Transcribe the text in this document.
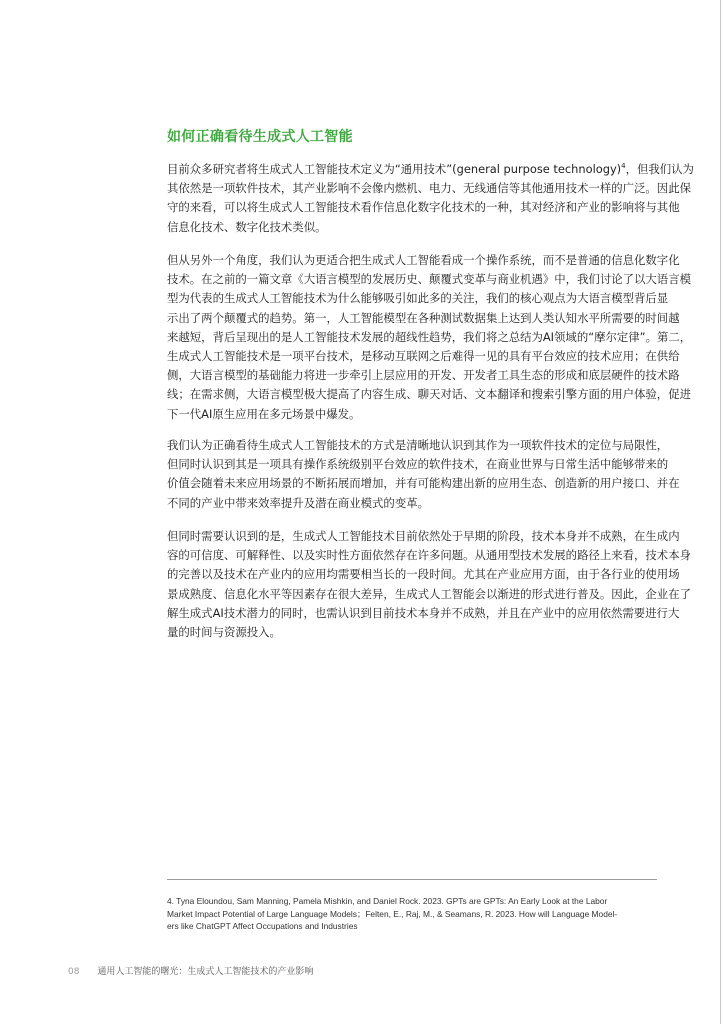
如何正确看待生成式人工智能

目前众多研究者将生成式人工智能技术定义为“通用技术”(general purpose technology)$^4$，但我们认为
其依然是一项软件技术，其产业影响不会像内燃机、电力、无线通信等其他通用技术一样的广泛。因此保
守的来看，可以将生成式人工智能技术看作信息化数字化技术的一种，其对经济和产业的影响将与其他
信息化技术、数字化技术类似。

但从另外一个角度，我们认为更适合把生成式人工智能看成一个操作系统，而不是普通的信息化数字化
技术。在之前的一篇文章《大语言模型的发展历史、颠覆式变革与商业机遇》中，我们讨论了以大语言模
型为代表的生成式人工智能技术为什么能够吸引如此多的关注，我们的核心观点为大语言模型背后显
示出了两个颠覆式的趋势。第一，人工智能模型在各种测试数据集上达到人类认知水平所需要的时间越
来越短，背后呈现出的是人工智能技术发展的超线性趋势，我们将之总结为AI领域的“摩尔定律”。第二，
生成式人工智能技术是一项平台技术，是移动互联网之后难得一见的具有平台效应的技术应用；在供给
侧，大语言模型的基础能力将进一步牵引上层应用的开发、开发者工具生态的形成和底层硬件的技术路
线；在需求侧，大语言模型极大提高了内容生成、聊天对话、文本翻译和搜索引擎方面的用户体验，促进
下一代AI原生应用在多元场景中爆发。

我们认为正确看待生成式人工智能技术的方式是清晰地认识到其作为一项软件技术的定位与局限性，
但同时认识到其是一项具有操作系统级别平台效应的软件技术，在商业世界与日常生活中能够带来的
价值会随着未来应用场景的不断拓展而增加，并有可能构建出新的应用生态、创造新的用户接口、并在
不同的产业中带来效率提升及潜在商业模式的变革。

但同时需要认识到的是，生成式人工智能技术目前依然处于早期的阶段，技术本身并不成熟，在生成内
容的可信度、可解释性、以及实时性方面依然存在许多问题。从通用型技术发展的路径上来看，技术本身
的完善以及技术在产业内的应用均需要相当长的一段时间。尤其在产业应用方面，由于各行业的使用场
景成熟度、信息化水平等因素存在很大差异，生成式人工智能会以渐进的形式进行普及。因此，企业在了
解生成式AI技术潜力的同时，也需认识到目前技术本身并不成熟，并且在产业中的应用依然需要进行大
量的时间与资源投入。

4. Tyna Eloundou, Sam Manning, Pamela Mishkin, and Daniel Rock. 2023. GPTs are GPTs: An Early Look at the Labor
Market Impact Potential of Large Language Models；Felten, E., Raj, M., & Seamans, R. 2023. How will Language Model-
ers like ChatGPT Affect Occupations and Industries
08 通用人工智能的曙光：生成式人工智能技术的产业影响
